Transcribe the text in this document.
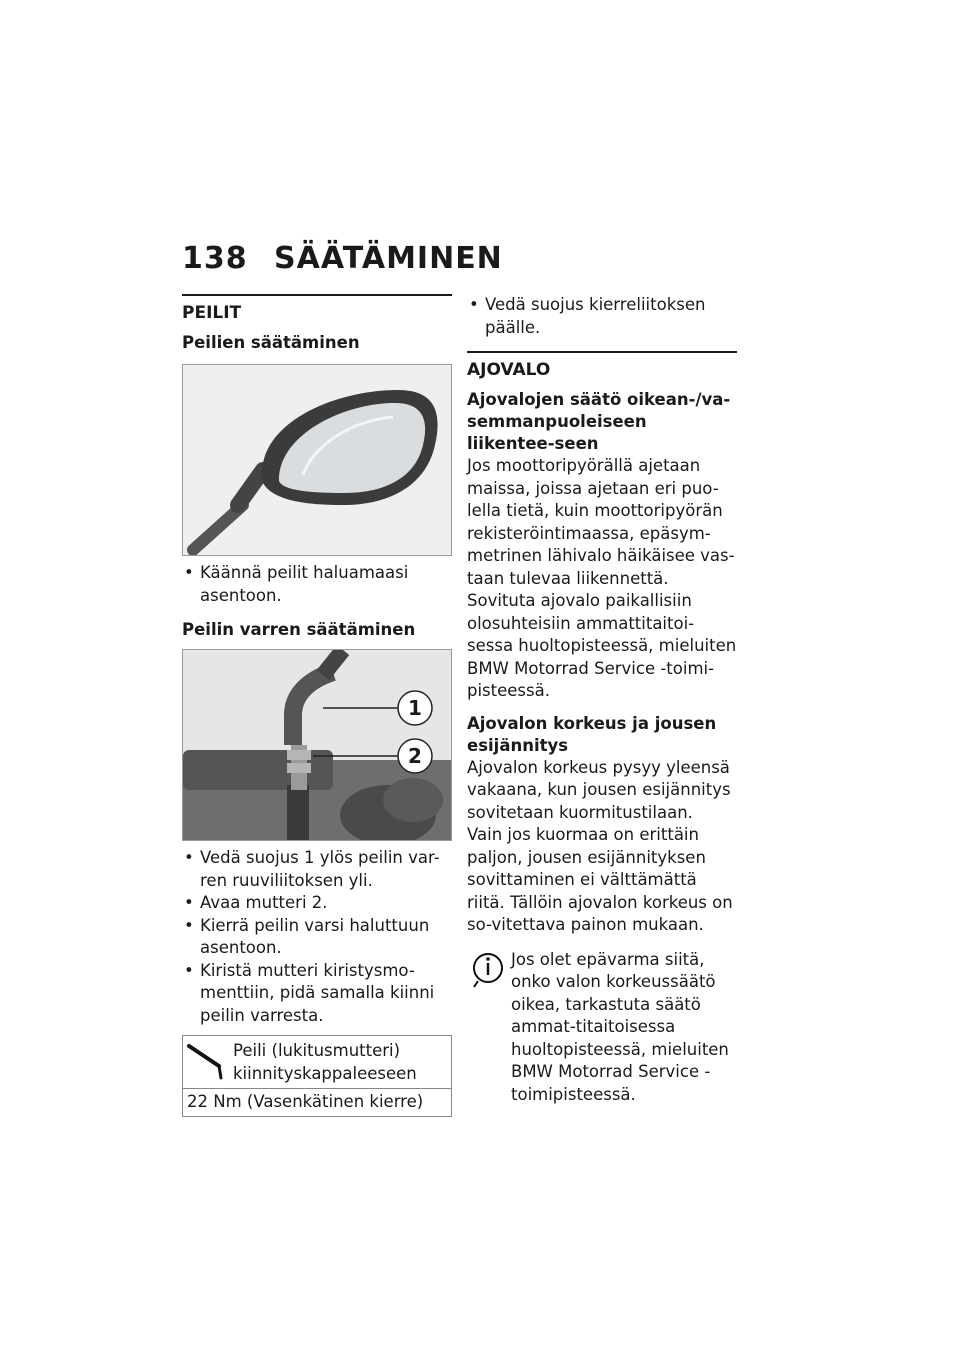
138 SÄÄTÄMINEN
PEILIT
Peilien säätäminen
• Käännä peilit haluamaasi asentoon.
Peilin varren säätäminen
1
2
• Vedä suojus 1 ylös peilin var-ren ruuviliitoksen yli.
• Avaa mutteri 2.
• Kierrä peilin varsi haluttuun asentoon.
• Kiristä mutteri kiristysmo-menttiin, pidä samalla kiinni peilin varresta.
Peili (lukitusmutteri) kiinnityskappaleeseen
22 Nm (Vasenkätinen kierre)
• Vedä suojus kierreliitoksen päälle.
AJOVALO
Ajovalojen säätö oikean-/va-semmanpuoleiseen liikentee-seen

Jos moottoripyörällä ajetaan maissa, joissa ajetaan eri puo-lella tietä, kuin moottoripyörän rekisteröintimaassa, epäsym-metrinen lähivalo häikäisee vas-taan tulevaa liikennettä.

Sovituta ajovalo paikallisiin olosuhteisiin ammattitaitoi-sessa huoltopisteessä, mieluiten BMW Motorrad Service -toimi-pisteessä.

Ajovalon korkeus ja jousen esijännitys

Ajovalon korkeus pysyy yleensä vakaana, kun jousen esijännitys sovitetaan kuormitustilaan.

Vain jos kuormaa on erittäin paljon, jousen esijännityksen sovittaminen ei välttämättä riitä. Tällöin ajovalon korkeus on so-vitettava painon mukaan.

Jos olet epävarma siitä, onko valon korkeussäätö oikea, tarkastuta säätö ammat-titaitoisessa huoltopisteessä, mieluiten BMW Motorrad Service -toimipisteessä.
